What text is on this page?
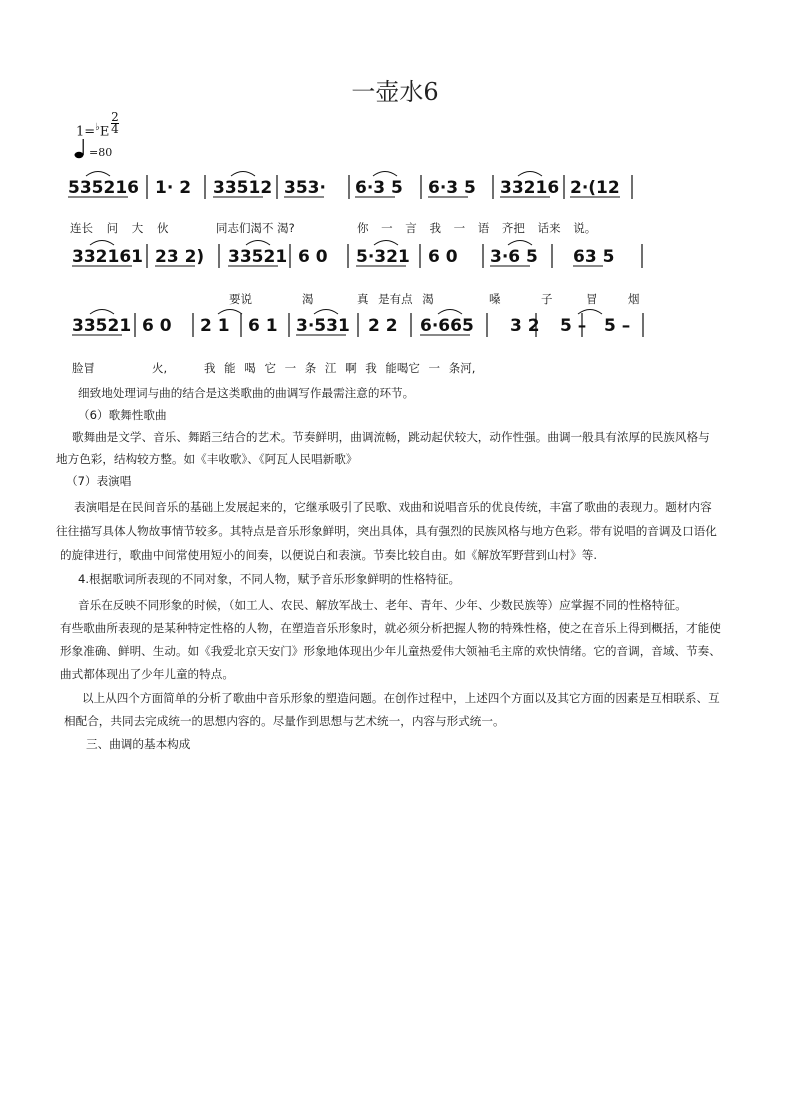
一壶水6
1=♭E
2
4
=80
535216 1· 2 33512 353· 6·3 5 6·3 5 33216 2·(12
332161 23 2) 33521 6 0 5·321 6 0 3·6 5 63 5
33521 6 0 2 1 6 1 3·531 2 2 6·665 3 2 5 – 5 –
连长 问 大 伙	同志们渴不 渴?	你 一 言 我 一 语 齐把 话来 说。
要说	渴	真 是有点 渴	嗓	子	冒	烟
脸冒	火,	我 能 喝 它 一 条 江 啊 我 能喝它 一 条河,

细致地处理词与曲的结合是这类歌曲的曲调写作最需注意的环节。

（6）歌舞性歌曲

歌舞曲是文学、音乐、舞蹈三结合的艺术。节奏鲜明，曲调流畅，跳动起伏较大，动作性强。曲调一般具有浓厚的民族风格与

地方色彩，结构较方整。如《丰收歌》、《阿瓦人民唱新歌》

（7）表演唱

表演唱是在民间音乐的基础上发展起来的，它继承吸引了民歌、戏曲和说唱音乐的优良传统，丰富了歌曲的表现力。题材内容

往往描写具体人物故事情节较多。其特点是音乐形象鲜明，突出具体，具有强烈的民族风格与地方色彩。带有说唱的音调及口语化

的旋律进行，歌曲中间常使用短小的间奏，以便说白和表演。节奏比较自由。如《解放军野营到山村》等.

4.根据歌词所表现的不同对象，不同人物，赋予音乐形象鲜明的性格特征。

音乐在反映不同形象的时候，（如工人、农民、解放军战士、老年、青年、少年、少数民族等）应掌握不同的性格特征。

有些歌曲所表现的是某种特定性格的人物，在塑造音乐形象时，就必须分析把握人物的特殊性格，使之在音乐上得到概括，才能使

形象准确、鲜明、生动。如《我爱北京天安门》形象地体现出少年儿童热爱伟大领袖毛主席的欢快情绪。它的音调，音域、节奏、

曲式都体现出了少年儿童的特点。

以上从四个方面简单的分析了歌曲中音乐形象的塑造问题。在创作过程中，上述四个方面以及其它方面的因素是互相联系、互

相配合，共同去完成统一的思想内容的。尽量作到思想与艺术统一，内容与形式统一。

三、曲调的基本构成
